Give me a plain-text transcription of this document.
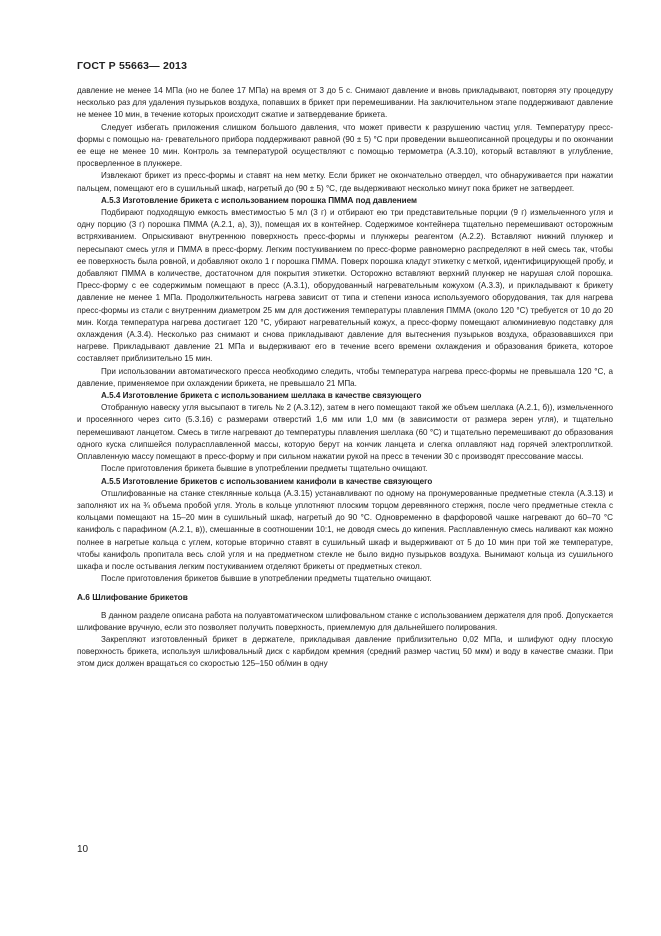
ГОСТ Р 55663— 2013

давление не менее 14 МПа (но не более 17 МПа) на время от 3 до 5 с. Снимают давление и вновь прикладывают, повторяя эту процедуру несколько раз для удаления пузырьков воздуха, попавших в брикет при перемешивании. На заключительном этапе поддерживают давление не менее 10 мин, в течение которых происходит сжатие и затвердевание брикета.

Следует избегать приложения слишком большого давления, что может привести к разрушению частиц угля. Температуру пресс-формы с помощью на- гревательного прибора поддерживают равной (90 ± 5) °С при проведении вышеописанной процедуры и по окончании ее еще не менее 10 мин. Контроль за температурой осуществляют с помощью термометра (А.3.10), который вставляют в углубление, просверленное в плунжере.

Извлекают брикет из пресс-формы и ставят на нем метку. Если брикет не окончательно отвердел, что обнаруживается при нажатии пальцем, помещают его в сушильный шкаф, нагретый до (90 ± 5) °С, где выдерживают несколько минут пока брикет не затвердеет.

А.5.3 Изготовление брикета с использованием порошка ПММА под давлением

Подбирают подходящую емкость вместимостью 5 мл (3 г) и отбирают ею три представительные порции (9 г) измельченного угля и одну порцию (3 г) порошка ПММА (А.2.1, а), 3)), помещая их в контейнер. Содержимое контейнера тщательно перемешивают осторожным встряхиванием. Опрыскивают внутреннюю поверхность пресс-формы и плунжеры реагентом (А.2.2). Вставляют нижний плунжер и пересыпают смесь угля и ПММА в пресс-форму. Легким постукиванием по пресс-форме равномерно распределяют в ней смесь так, чтобы ее поверхность была ровной, и добавляют около 1 г порошка ПММА. Поверх порошка кладут этикетку с меткой, идентифицирующей пробу, и добавляют ПММА в количестве, достаточном для покрытия этикетки. Осторожно вставляют верхний плунжер не нарушая слой порошка. Пресс-форму с ее содержимым помещают в пресс (А.3.1), оборудованный нагревательным кожухом (А.3.3), и прикладывают к брикету давление не менее 1 МПа. Продолжительность нагрева зависит от типа и степени износа используемого оборудования, так для нагрева пресс-формы из стали с внутренним диаметром 25 мм для достижения температуры плавления ПММА (около 120 °С) требуется от 10 до 20 мин. Когда температура нагрева достигает 120 °С, убирают нагревательный кожух, а пресс-форму помещают алюминиевую подставку для охлаждения (А.3.4). Несколько раз снимают и снова прикладывают давление для вытеснения пузырьков воздуха, образовавшихся при нагреве. Прикладывают давление 21 МПа и выдерживают его в течение всего времени охлаждения и образования брикета, которое составляет приблизительно 15 мин.

При использовании автоматического пресса необходимо следить, чтобы температура нагрева пресс-формы не превышала 120 °С, а давление, применяемое при охлаждении брикета, не превышало 21 МПа.

А.5.4 Изготовление брикета с использованием шеллака в качестве связующего

Отобранную навеску угля высыпают в тигель № 2 (А.3.12), затем в него помещают такой же объем шеллака (А.2.1, б)), измельченного и просеянного через сито (5.3.16) с размерами отверстий 1,6 мм или 1,0 мм (в зависимости от размера зерен угля), и тщательно перемешивают ланцетом. Смесь в тигле нагревают до температуры плавления шеллака (60 °С) и тщательно перемешивают до образования одного куска слипшейся полурасплавленной массы, которую берут на кончик ланцета и слегка оплавляют над горячей электроплиткой. Оплавленную массу помещают в пресс-форму и при сильном нажатии рукой на пресс в течении 30 с производят прессование массы.

После приготовления брикета бывшие в употреблении предметы тщательно очищают.

А.5.5 Изготовление брикетов с использованием канифоли в качестве связующего

Отшлифованные на станке стеклянные кольца (А.3.15) устанавливают по одному на пронумерованные предметные стекла (А.3.13) и заполняют их на ¾ объема пробой угля. Уголь в кольце уплотняют плоским торцом деревянного стержня, после чего предметные стекла с кольцами помещают на 15–20 мин в сушильный шкаф, нагретый до 90 °С. Одновременно в фарфоровой чашке нагревают до 60–70 °С канифоль с парафином (А.2.1, в)), смешанные в соотношении 10:1, не доводя смесь до кипения. Расплавленную смесь наливают как можно полнее в нагретые кольца с углем, которые вторично ставят в сушильный шкаф и выдерживают от 5 до 10 мин при той же температуре, чтобы канифоль пропитала весь слой угля и на предметном стекле не было видно пузырьков воздуха. Вынимают кольца из сушильного шкафа и после остывания легким постукиванием отделяют брикеты от предметных стекол.

После приготовления брикетов бывшие в употреблении предметы тщательно очищают.

А.6 Шлифование брикетов

В данном разделе описана работа на полуавтоматическом шлифовальном станке с использованием держателя для проб. Допускается шлифование вручную, если это позволяет получить поверхность, приемлемую для дальнейшего полирования.

Закрепляют изготовленный брикет в держателе, прикладывая давление приблизительно 0,02 МПа, и шлифуют одну плоскую поверхность брикета, используя шлифовальный диск с карбидом кремния (средний размер частиц 50 мкм) и воду в качестве смазки. При этом диск должен вращаться со скоростью 125–150 об/мин в одну

10
